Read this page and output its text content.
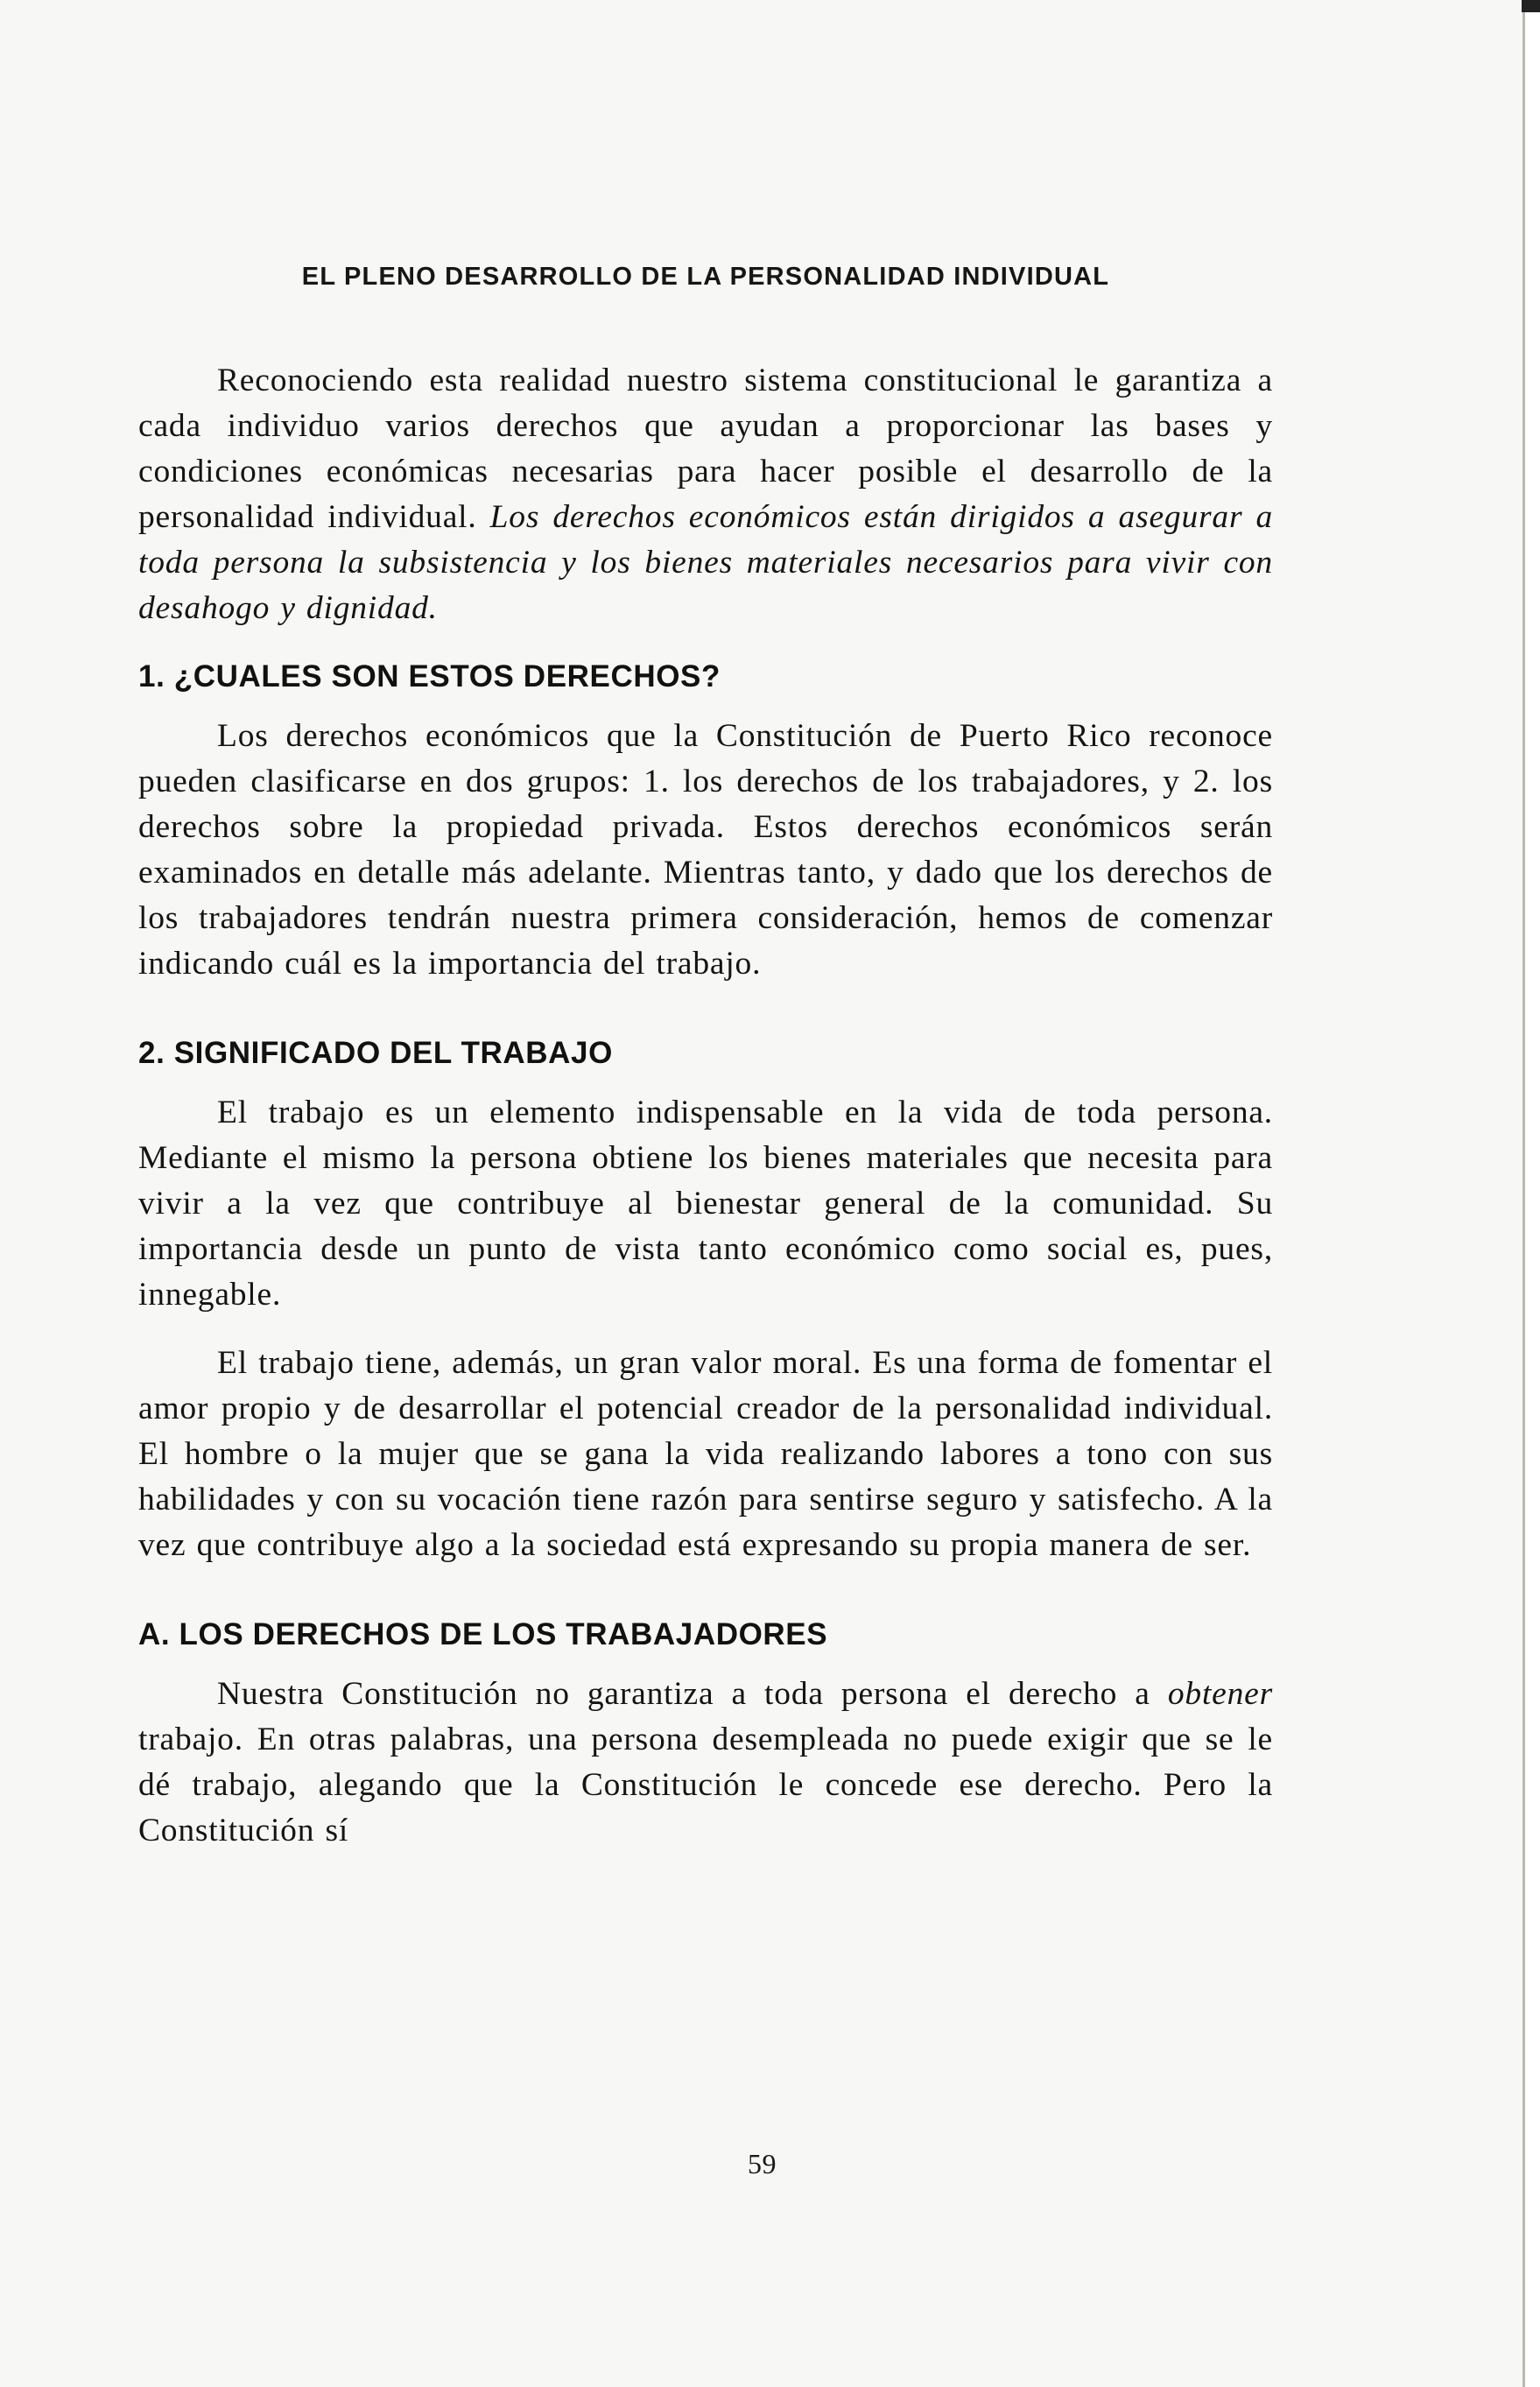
EL PLENO DESARROLLO DE LA PERSONALIDAD INDIVIDUAL

Reconociendo esta realidad nuestro sistema constitucional le garantiza a cada individuo varios derechos que ayudan a proporcionar las bases y condiciones económicas necesarias para hacer posible el desarrollo de la personalidad individual. Los derechos económicos están dirigidos a asegurar a toda persona la subsistencia y los bienes materiales necesarios para vivir con desahogo y dignidad.

1. ¿CUALES SON ESTOS DERECHOS?

Los derechos económicos que la Constitución de Puerto Rico reconoce pueden clasificarse en dos grupos: 1. los derechos de los trabajadores, y 2. los derechos sobre la propiedad privada. Estos derechos económicos serán examinados en detalle más adelante. Mientras tanto, y dado que los derechos de los trabajadores tendrán nuestra primera consideración, hemos de comenzar indicando cuál es la importancia del trabajo.

2. SIGNIFICADO DEL TRABAJO

El trabajo es un elemento indispensable en la vida de toda persona. Mediante el mismo la persona obtiene los bienes materiales que necesita para vivir a la vez que contribuye al bienestar general de la comunidad. Su importancia desde un punto de vista tanto económico como social es, pues, innegable.

El trabajo tiene, además, un gran valor moral. Es una forma de fomentar el amor propio y de desarrollar el potencial creador de la personalidad individual. El hombre o la mujer que se gana la vida realizando labores a tono con sus habilidades y con su vocación tiene razón para sentirse seguro y satisfecho. A la vez que contribuye algo a la sociedad está expresando su propia manera de ser.

A. LOS DERECHOS DE LOS TRABAJADORES

Nuestra Constitución no garantiza a toda persona el derecho a obtener trabajo. En otras palabras, una persona desempleada no puede exigir que se le dé trabajo, alegando que la Constitución le concede ese derecho. Pero la Constitución sí

59
